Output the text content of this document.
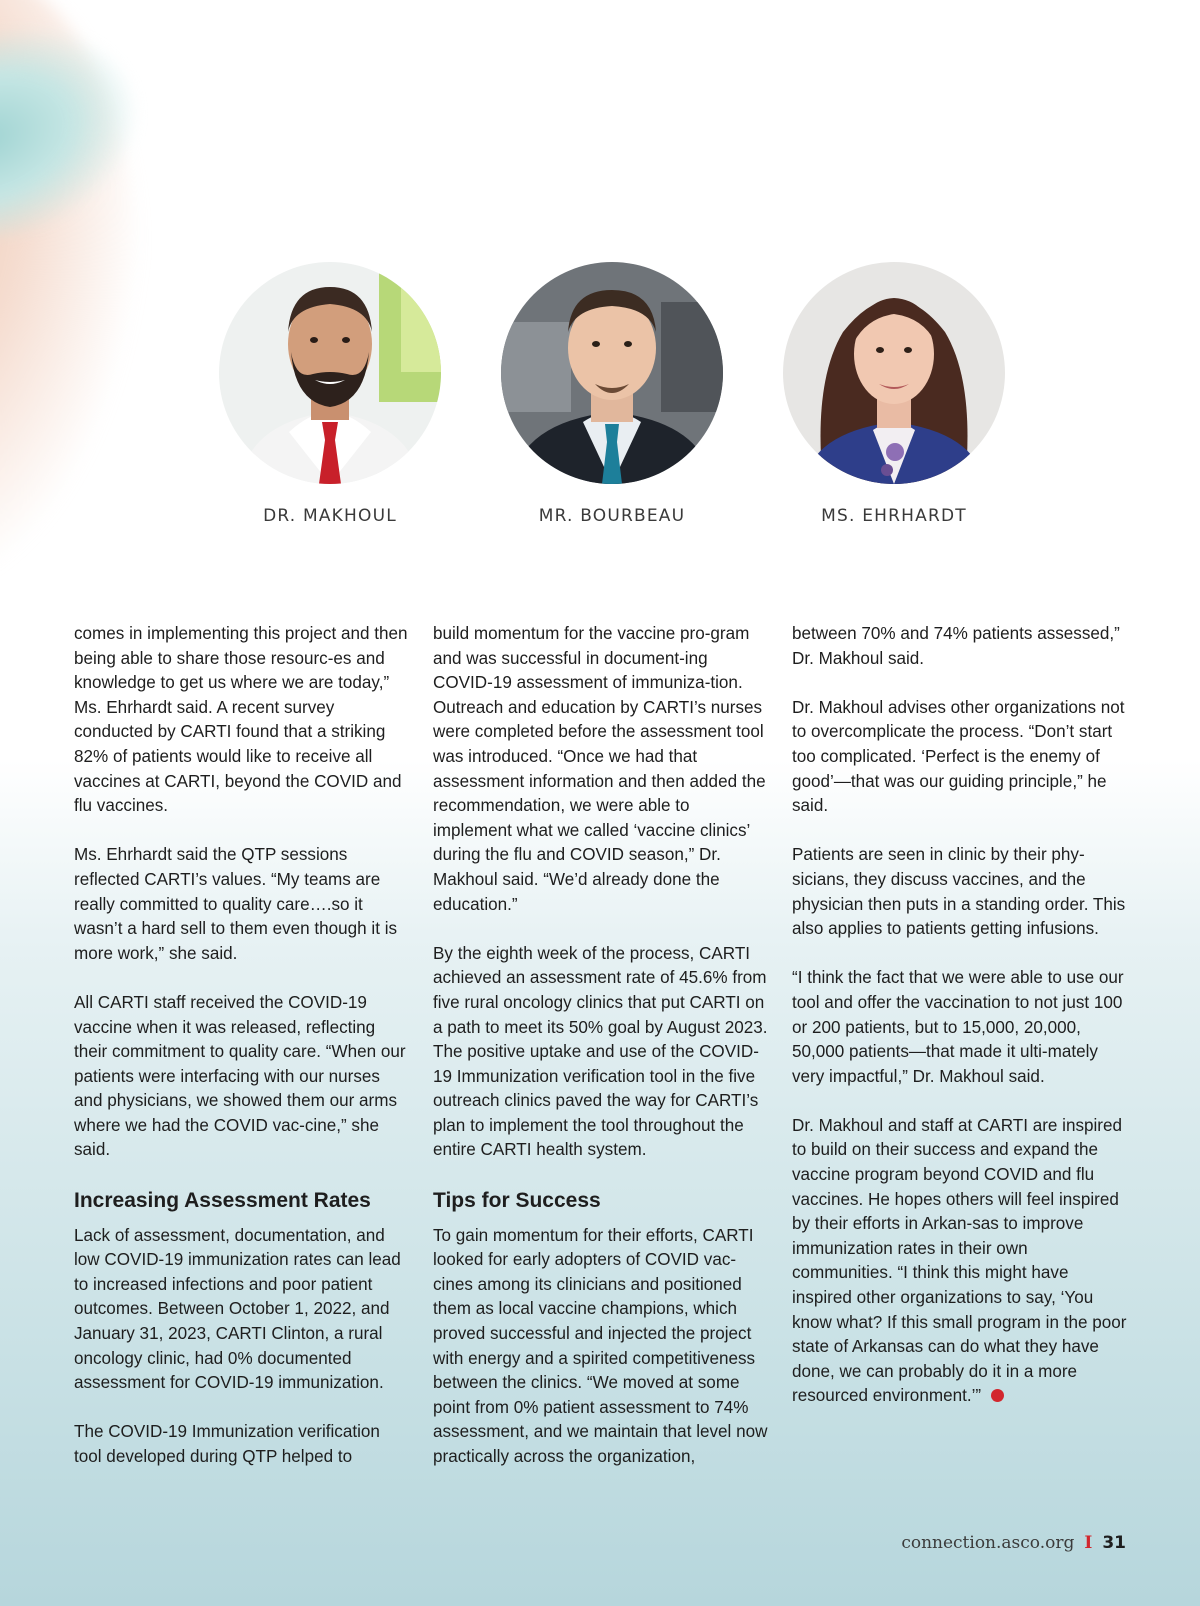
DR. MAKHOUL	MR. BOURBEAU	MS. EHRHARDT

comes in implementing this project and then being able to share those resourc-es and knowledge to get us where we are today,” Ms. Ehrhardt said. A recent survey conducted by CARTI found that a striking 82% of patients would like to receive all vaccines at CARTI, beyond the COVID and flu vaccines.

Ms. Ehrhardt said the QTP sessions reflected CARTI’s values. “My teams are really committed to quality care….so it wasn’t a hard sell to them even though it is more work,” she said.

All CARTI staff received the COVID-19 vaccine when it was released, reflecting their commitment to quality care. “When our patients were interfacing with our nurses and physicians, we showed them our arms where we had the COVID vac-cine,” she said.

Increasing Assessment Rates

Lack of assessment, documentation, and low COVID-19 immunization rates can lead to increased infections and poor patient outcomes. Between October 1, 2022, and January 31, 2023, CARTI Clinton, a rural oncology clinic, had 0% documented assessment for COVID-19 immunization.

The COVID-19 Immunization verification tool developed during QTP helped to

build momentum for the vaccine pro-gram and was successful in document-ing COVID-19 assessment of immuniza-tion. Outreach and education by CARTI’s nurses were completed before the assessment tool was introduced. “Once we had that assessment information and then added the recommendation, we were able to implement what we called ‘vaccine clinics’ during the flu and COVID season,” Dr. Makhoul said. “We’d already done the education.”

By the eighth week of the process, CARTI achieved an assessment rate of 45.6% from five rural oncology clinics that put CARTI on a path to meet its 50% goal by August 2023. The positive uptake and use of the COVID-19 Immunization verification tool in the five outreach clinics paved the way for CARTI’s plan to implement the tool throughout the entire CARTI health system.

Tips for Success

To gain momentum for their efforts, CARTI looked for early adopters of COVID vac-cines among its clinicians and positioned them as local vaccine champions, which proved successful and injected the project with energy and a spirited competitiveness between the clinics. “We moved at some point from 0% patient assessment to 74% assessment, and we maintain that level now practically across the organization,

between 70% and 74% patients assessed,” Dr. Makhoul said.

Dr. Makhoul advises other organizations not to overcomplicate the process. “Don’t start too complicated. ‘Perfect is the enemy of good’—that was our guiding principle,” he said.

Patients are seen in clinic by their phy-sicians, they discuss vaccines, and the physician then puts in a standing order. This also applies to patients getting infusions.

“I think the fact that we were able to use our tool and offer the vaccination to not just 100 or 200 patients, but to 15,000, 20,000, 50,000 patients—that made it ulti-mately very impactful,” Dr. Makhoul said.

Dr. Makhoul and staff at CARTI are inspired to build on their success and expand the vaccine program beyond COVID and flu vaccines. He hopes others will feel inspired by their efforts in Arkan-sas to improve immunization rates in their own communities. “I think this might have inspired other organizations to say, ‘You know what? If this small program in the poor state of Arkansas can do what they have done, we can probably do it in a more resourced environment.’”

connection.asco.org I 31
